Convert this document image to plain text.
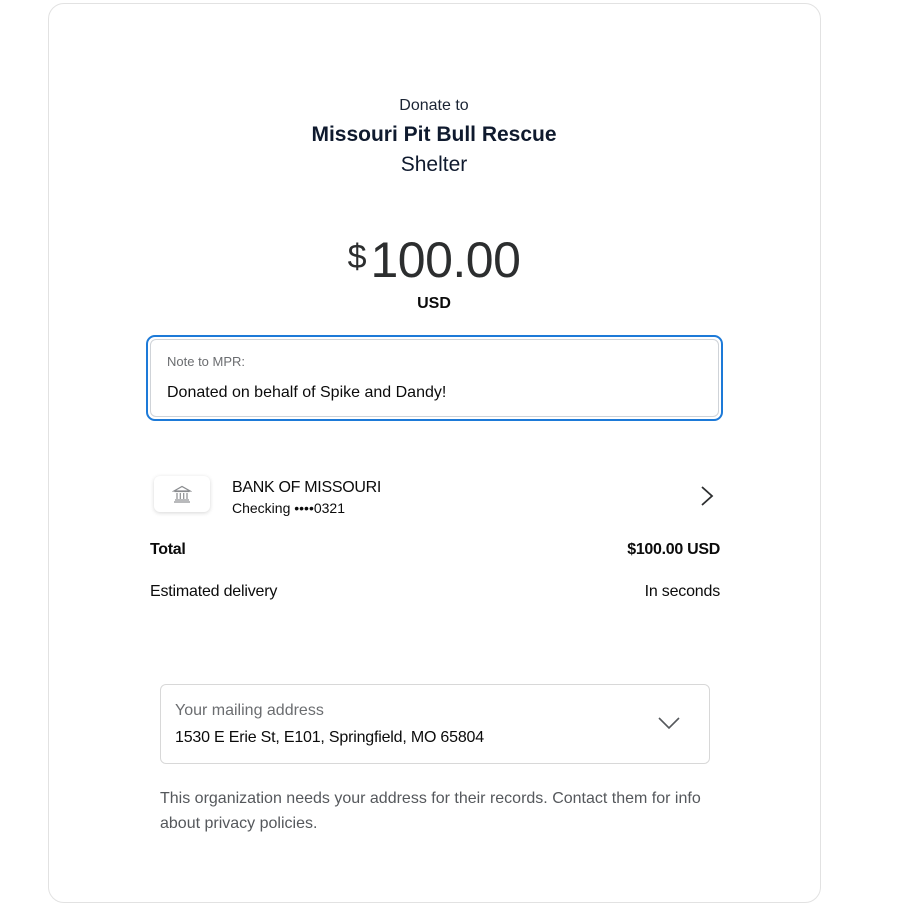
Donate to
Missouri Pit Bull Rescue
Shelter
$ 100.00
USD
Note to MPR:
Donated on behalf of Spike and Dandy!
BANK OF MISSOURI
Checking ••••0321
Total	$100.00 USD
Estimated delivery	In seconds
Your mailing address
1530 E Erie St, E101, Springfield, MO 65804
This organization needs your address for their records. Contact them for info about privacy policies.
